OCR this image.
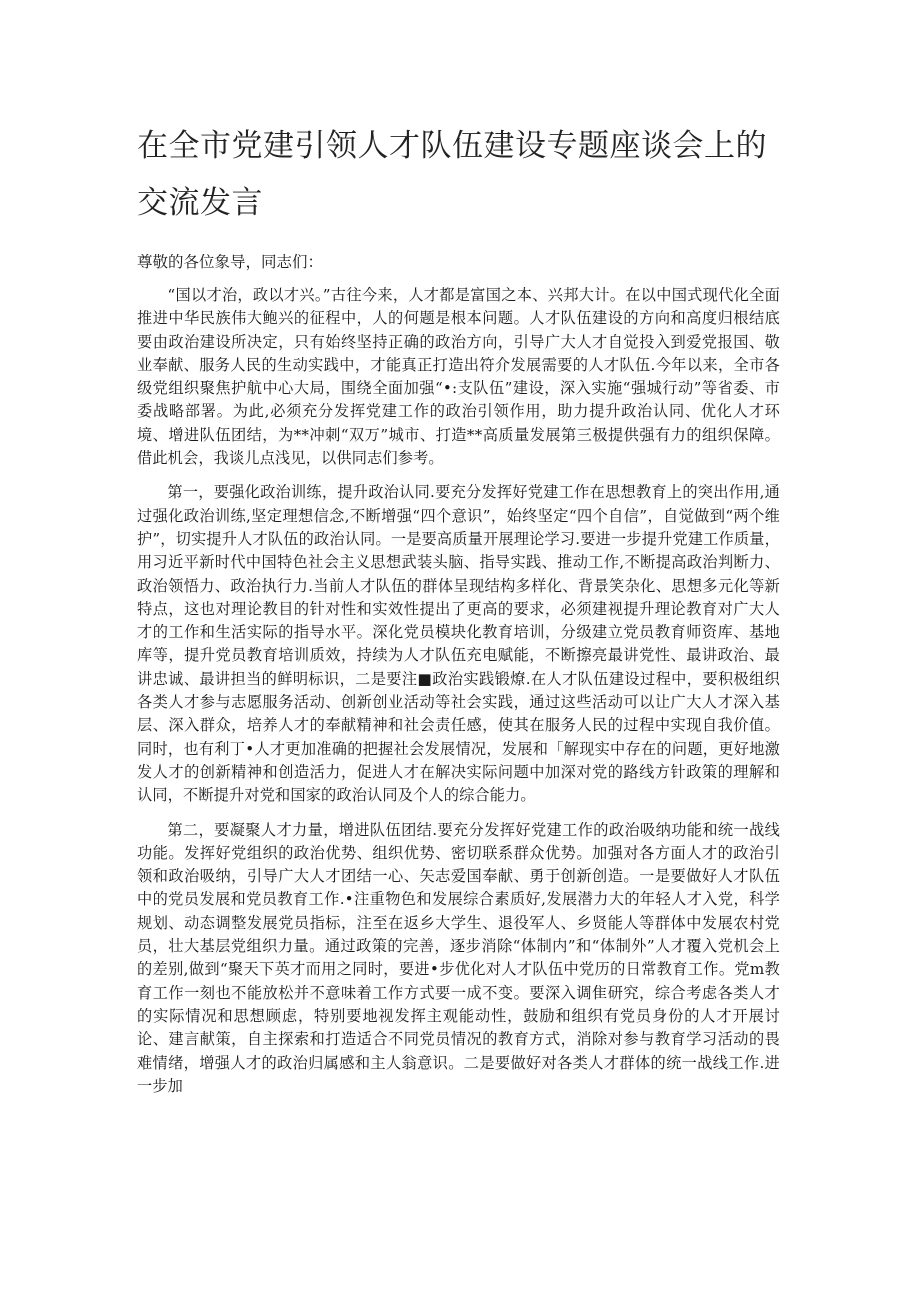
在全市党建引领人才队伍建设专题座谈会上的交流发言

尊敬的各位象导，同志们：

“国以才治，政以才兴。”古往今来，人才都是富国之本、兴邦大计。在以中国式现代化全面推进中华民族伟大鲍兴的征程中，人的何题是根本问题。人才队伍建设的方向和高度归根结底要由政治建设所决定，只有始终坚持正确的政治方向，引导广大人才自觉投入到爱党报国、敬业奉献、服务人民的生动实践中，才能真正打造出符介发展需要的人才队伍.今年以来，全市各级党组织聚焦护航中心大局，围绕全面加强“•:支队伍”建设，深入实施“强城行动”等省委、市委战略部署。为此,必须充分发挥党建工作的政治引领作用，助力提升政治认同、优化人才环境、增进队伍团结，为**冲刺“双万”城市、打造**高质量发展第三极提供强有力的组织保障。借此机会，我谈儿点浅见，以供同志们参考。

第一，要强化政治训练，提升政治认同.要充分发挥好党建工作在思想教育上的突出作用,通过强化政治训练,坚定理想信念,不断增强“四个意识”，始终坚定“四个自信”，自觉做到“两个维护”，切实提升人才队伍的政治认同。一是要高质量开展理论学习.要进一步提升党建工作质量，用习近平新时代中国特色社会主义思想武装头脑、指导实践、推动工作,不断提高政治判断力、政治领悟力、政治执行力.当前人才队伍的群体呈现结构多样化、背景笑杂化、思想多元化等新特点，这也对理论教目的针对性和实效性提出了更高的要求，必须建视提升理论教育对广大人才的工作和生活实际的指导水平。深化党员模块化教育培训，分级建立党员教育师资库、基地库等，提升党员教育培训质效，持续为人才队伍充电赋能，不断擦亮最讲党性、最讲政治、最讲忠诚、最讲担当的鲜明标识，二是要注■政治实践锻燎.在人才队伍建设过程中，要积极组织各类人才参与志愿服务活动、创新创业活动等社会实践，通过这些活动可以让广大人才深入基层、深入群众，培养人才的奉献精神和社会责任感，使其在服务人民的过程中实现自我价值。同时，也有利丁•人才更加准确的把握社会发展情况，发展和「解现实中存在的问题，更好地激发人才的创新精神和创造活力，促进人才在解决实际问题中加深对党的路线方针政策的理解和认同，不断提升对党和国家的政治认同及个人的综合能力。

第二，要凝聚人才力量，增进队伍团结.要充分发挥好党建工作的政治吸纳功能和统一战线功能。发挥好党组织的政治优势、组织优势、密切联系群众优势。加强对各方面人才的政治引领和政治吸纳，引导广大人才团结一心、矢志爱国奉献、勇于创新创造。一是要做好人才队伍中的党员发展和党员教育工作.•注重物色和发展综合素质好,发展潜力大的年轻人才入党，科学规划、动态调整发展党员指标，注至在返乡大学生、退役军人、乡贤能人等群体中发展农村党员，壮大基层党组织力量。通过政策的完善，逐步消除“体制内”和“体制外”人才覆入党机会上的差别,做到“聚天下英才而用之同时，要进•步优化对人才队伍中党历的日常教育工作。党m教育工作一刻也不能放松并不意味着工作方式要一成不变。要深入调隹研究，综合考虑各类人才的实际情况和思想顾虑，特别要地视发挥主观能动性，鼓励和组织有党员身份的人才开展讨论、建言献策，自主探索和打造适合不同党员情况的教育方式，消除对参与教育学习活动的畏难情绪，增强人才的政治归属感和主人翁意识。二是要做好对各类人才群体的统一战线工作.进一步加
